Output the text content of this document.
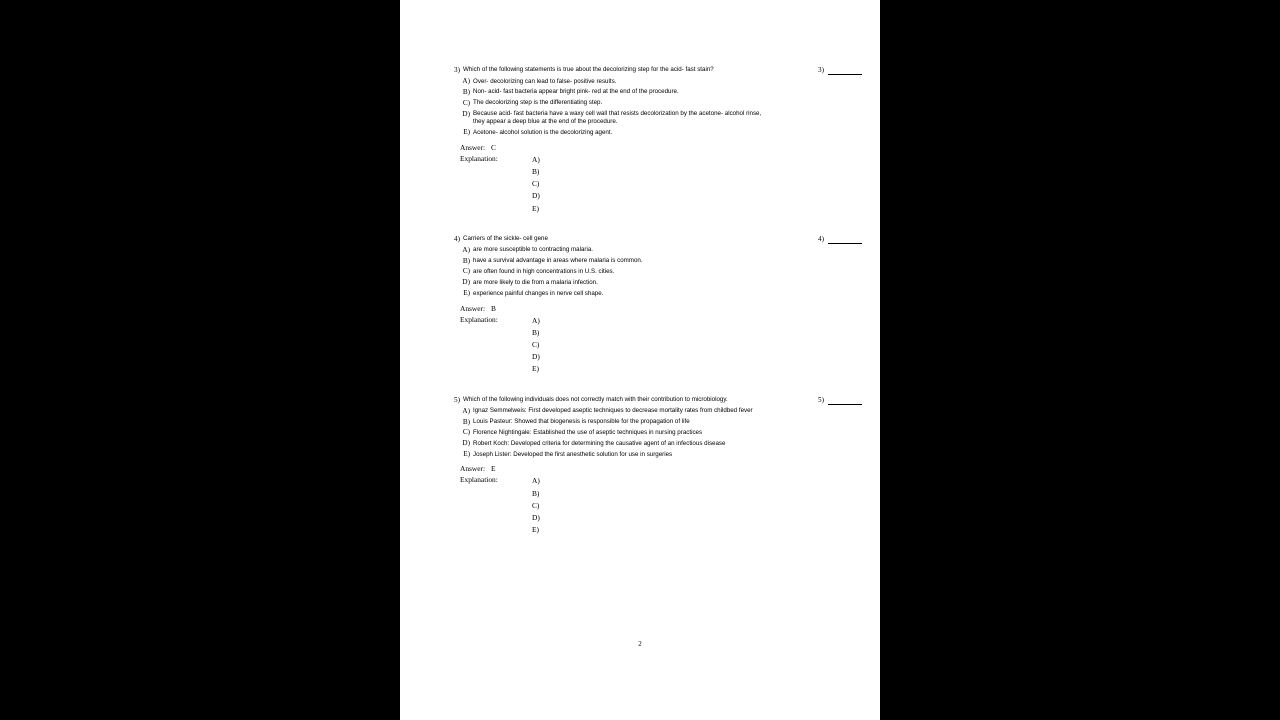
3) Which of the following statements is true about the decolorizing step for the acid- fast stain?	3)
A) Over- decolorizing can lead to false- positive results.
B) Non- acid- fast bacteria appear bright pink- red at the end of the procedure.
C) The decolorizing step is the differentiating step.
D) Because acid- fast bacteria have a waxy cell wall that resists decolorization by the acetone- alcohol rinse, they appear a deep blue at the end of the procedure.
E) Acetone- alcohol solution is the decolorizing agent.
Answer: C
Explanation:	A)
B)
C)
D)
E)
4) Carriers of the sickle- cell gene	4)
A) are more susceptible to contracting malaria.
B) have a survival advantage in areas where malaria is common.
C) are often found in high concentrations in U.S. cities.
D) are more likely to die from a malaria infection.
E) experience painful changes in nerve cell shape.
Answer: B
Explanation:	A)
B)
C)
D)
E)
5) Which of the following individuals does not correctly match with their contribution to microbiology.	5)
A) Ignaz Semmelweis: First developed aseptic techniques to decrease mortality rates from childbed fever
B) Louis Pasteur: Showed that biogenesis is responsible for the propagation of life
C) Florence Nightingale: Established the use of aseptic techniques in nursing practices
D) Robert Koch: Developed criteria for determining the causative agent of an infectious disease
E) Joseph Lister: Developed the first anesthetic solution for use in surgeries
Answer: E
Explanation:	A)
B)
C)
D)
E)
2
